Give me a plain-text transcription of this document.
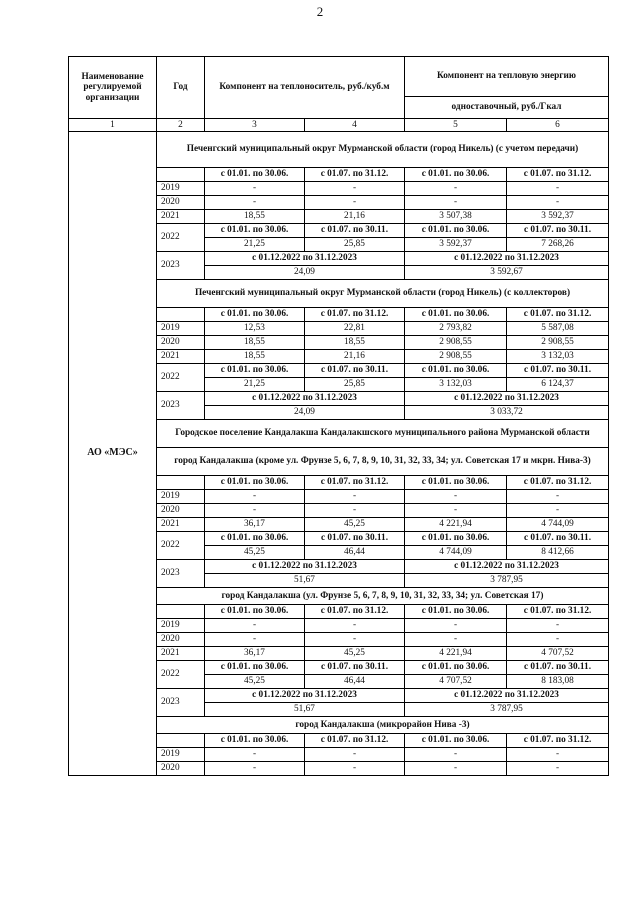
2
Наименование регулируемой организации	Год	Компонент на теплоноситель, руб./куб.м		Компонент на тепловую энергию	
				одноставочный, руб./Гкал	
1	2	3	4	5	6
АО «МЭС»	Печенгский муниципальный округ Мурманской области (город Никель) (с учетом передачи)				
		с 01.01. по 30.06.	с 01.07. по 31.12.	с 01.01. по 30.06.	с 01.07. по 31.12.
	2019	-	-	-	-
	2020	-	-	-	-
	2021	18,55	21,16	3 507,38	3 592,37
	2022	с 01.01. по 30.06.	с 01.07. по 30.11.	с 01.01. по 30.06.	с 01.07. по 30.11.
		21,25	25,85	3 592,37	7 268,26
	2023	с 01.12.2022 по 31.12.2023		с 01.12.2022 по 31.12.2023	
		24,09		3 592,67	
	Печенгский муниципальный округ Мурманской области (город Никель) (с коллекторов)				
		с 01.01. по 30.06.	с 01.07. по 31.12.	с 01.01. по 30.06.	с 01.07. по 31.12.
	2019	12,53	22,81	2 793,82	5 587,08
	2020	18,55	18,55	2 908,55	2 908,55
	2021	18,55	21,16	2 908,55	3 132,03
	2022	с 01.01. по 30.06.	с 01.07. по 30.11.	с 01.01. по 30.06.	с 01.07. по 30.11.
		21,25	25,85	3 132,03	6 124,37
	2023	с 01.12.2022 по 31.12.2023		с 01.12.2022 по 31.12.2023	
		24,09		3 033,72	
	Городское поселение Кандалакша Кандалакшского муниципального района Мурманской области				
	город Кандалакша (кроме ул. Фрунзе 5, 6, 7, 8, 9, 10, 31, 32, 33, 34; ул. Советская 17 и мкрн. Нива-3)				
		с 01.01. по 30.06.	с 01.07. по 31.12.	с 01.01. по 30.06.	с 01.07. по 31.12.
	2019	-	-	-	-
	2020	-	-	-	-
	2021	36,17	45,25	4 221,94	4 744,09
	2022	с 01.01. по 30.06.	с 01.07. по 30.11.	с 01.01. по 30.06.	с 01.07. по 30.11.
		45,25	46,44	4 744,09	8 412,66
	2023	с 01.12.2022 по 31.12.2023		с 01.12.2022 по 31.12.2023	
		51,67		3 787,95	
	город Кандалакша (ул. Фрунзе 5, 6, 7, 8, 9, 10, 31, 32, 33, 34; ул. Советская 17)				
		с 01.01. по 30.06.	с 01.07. по 31.12.	с 01.01. по 30.06.	с 01.07. по 31.12.
	2019	-	-	-	-
	2020	-	-	-	-
	2021	36,17	45,25	4 221,94	4 707,52
	2022	с 01.01. по 30.06.	с 01.07. по 30.11.	с 01.01. по 30.06.	с 01.07. по 30.11.
		45,25	46,44	4 707,52	8 183,08
	2023	с 01.12.2022 по 31.12.2023		с 01.12.2022 по 31.12.2023	
		51,67		3 787,95	
	город Кандалакша (микрорайон Нива -3)				
		с 01.01. по 30.06.	с 01.07. по 31.12.	с 01.01. по 30.06.	с 01.07. по 31.12.
	2019	-	-	-	-
	2020	-	-	-	-
